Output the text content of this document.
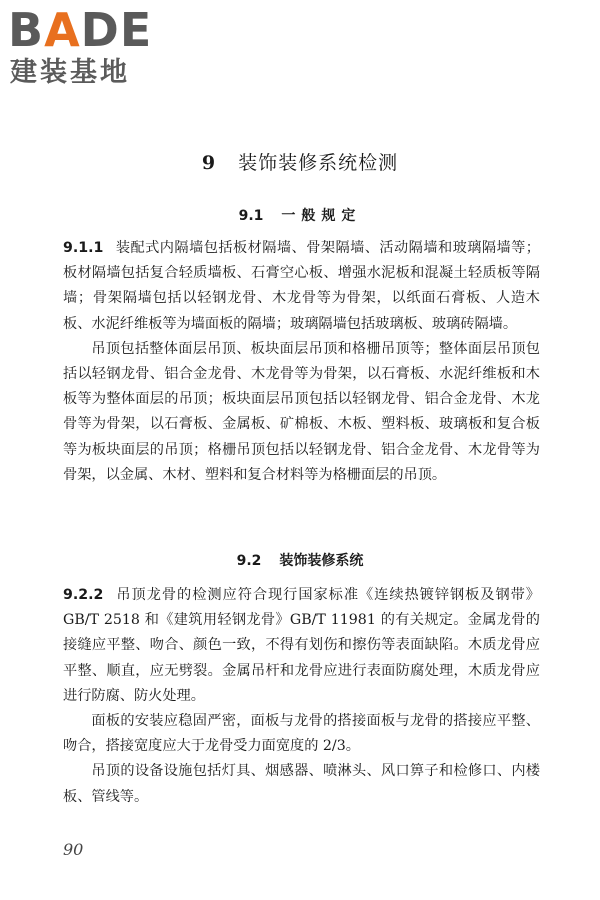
BADE
建装基地
9 装饰装修系统检测
9.1 一般规定

9.1.1 装配式内隔墙包括板材隔墙、骨架隔墙、活动隔墙和玻璃隔墙等；板材隔墙包括复合轻质墙板、石膏空心板、增强水泥板和混凝土轻质板等隔墙；骨架隔墙包括以轻钢龙骨、木龙骨等为骨架，以纸面石膏板、人造木板、水泥纤维板等为墙面板的隔墙；玻璃隔墙包括玻璃板、玻璃砖隔墙。

吊顶包括整体面层吊顶、板块面层吊顶和格栅吊顶等；整体面层吊顶包括以轻钢龙骨、铝合金龙骨、木龙骨等为骨架，以石膏板、水泥纤维板和木板等为整体面层的吊顶；板块面层吊顶包括以轻钢龙骨、铝合金龙骨、木龙骨等为骨架，以石膏板、金属板、矿棉板、木板、塑料板、玻璃板和复合板等为板块面层的吊顶；格栅吊顶包括以轻钢龙骨、铝合金龙骨、木龙骨等为骨架，以金属、木材、塑料和复合材料等为格栅面层的吊顶。

9.2 装饰装修系统

9.2.2 吊顶龙骨的检测应符合现行国家标准《连续热镀锌钢板及钢带》GB/T 2518 和《建筑用轻钢龙骨》GB/T 11981 的有关规定。金属龙骨的接缝应平整、吻合、颜色一致，不得有划伤和擦伤等表面缺陷。木质龙骨应平整、顺直，应无劈裂。金属吊杆和龙骨应进行表面防腐处理，木质龙骨应进行防腐、防火处理。

面板的安装应稳固严密，面板与龙骨的搭接面板与龙骨的搭接应平整、吻合，搭接宽度应大于龙骨受力面宽度的 2/3。

吊顶的设备设施包括灯具、烟感器、喷淋头、风口箅子和检修口、内楼板、管线等。

90
